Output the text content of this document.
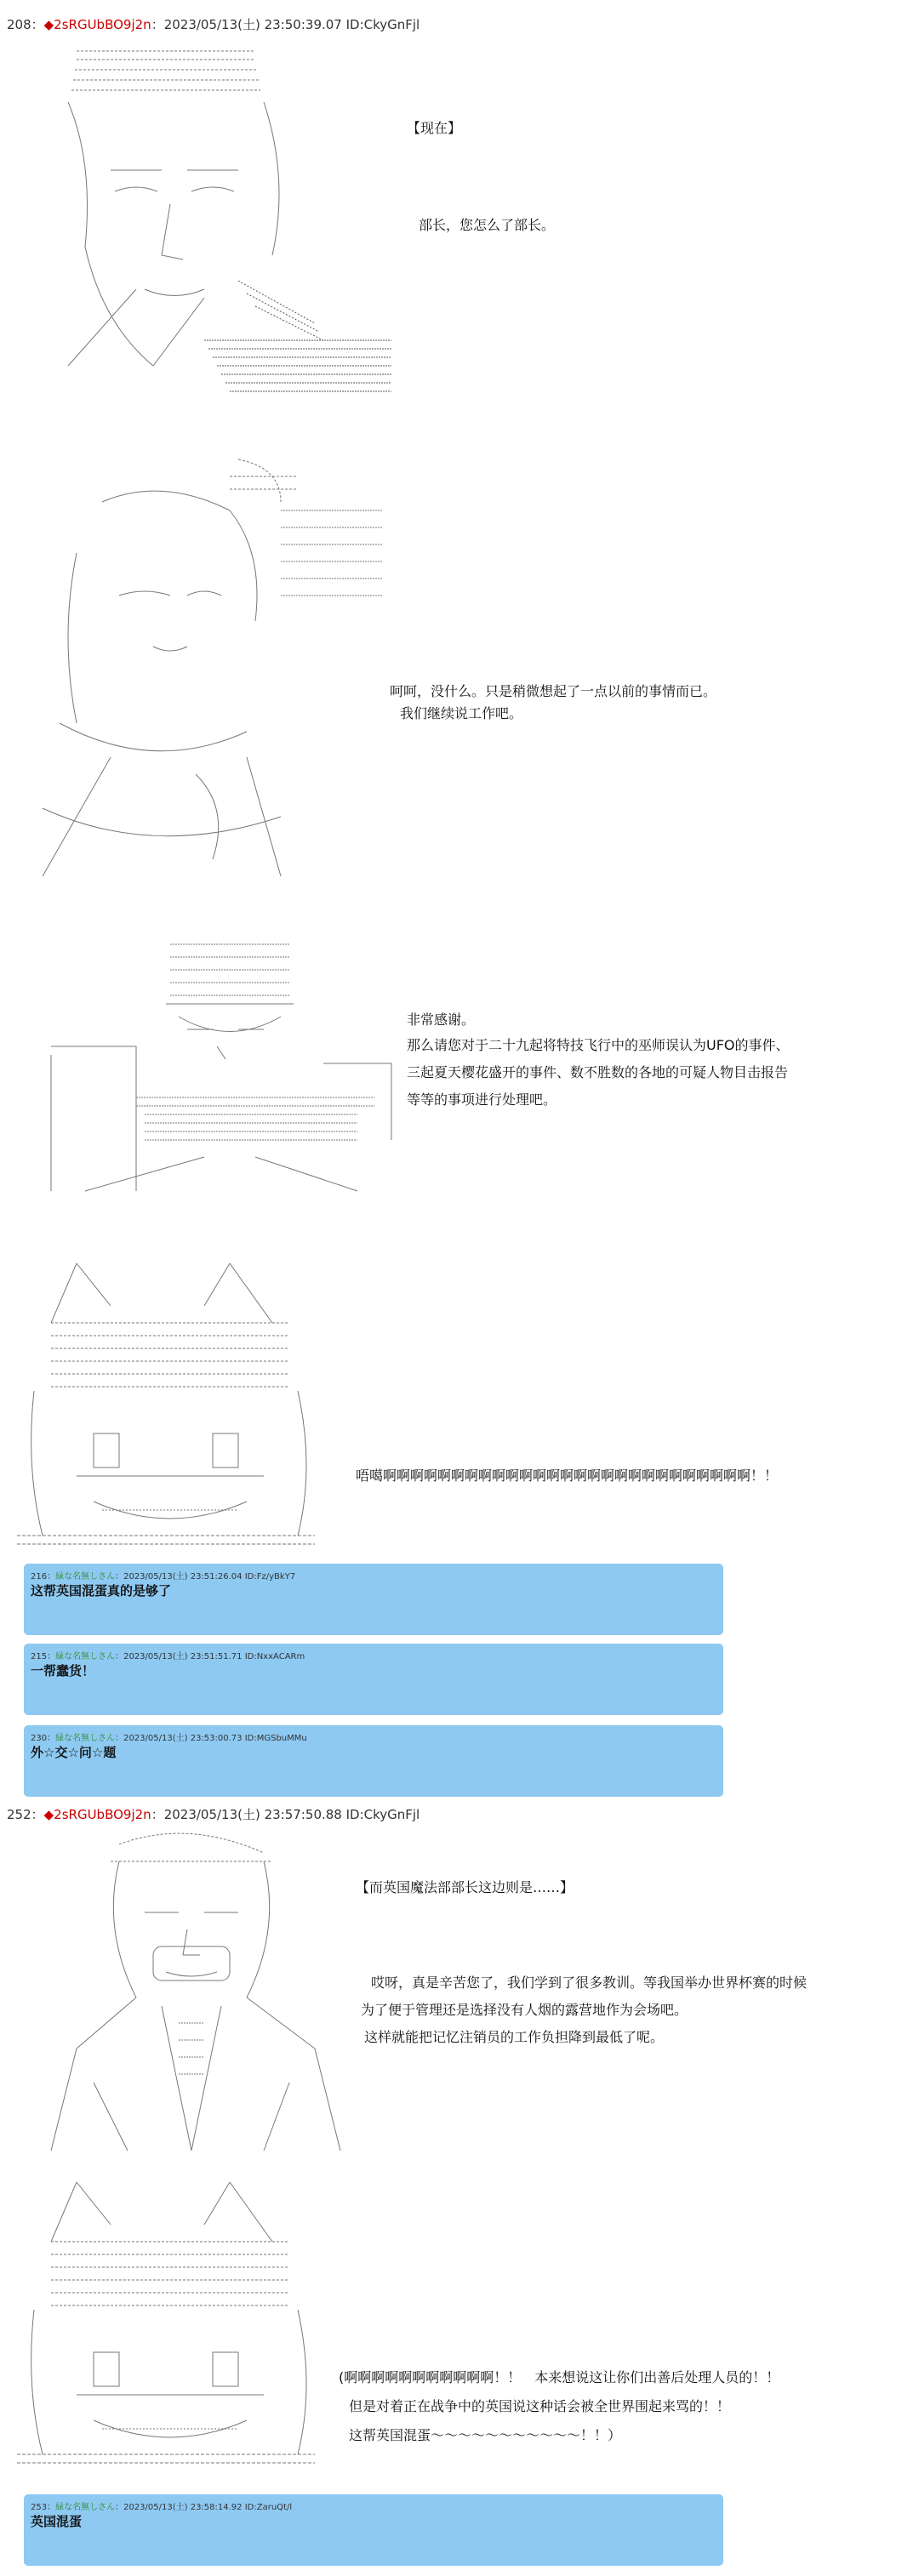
208：◆2sRGUbBO9j2n：2023/05/13(土) 23:50:39.07 ID:CkyGnFjl
【现在】
部长，您怎么了部长。
呵呵，没什么。只是稍微想起了一点以前的事情而已。
我们继续说工作吧。
非常感谢。
那么请您对于二十九起将特技飞行中的巫师误认为UFO的事件、
三起夏天樱花盛开的事件、数不胜数的各地的可疑人物目击报告
等等的事项进行处理吧。
唔噶啊啊啊啊啊啊啊啊啊啊啊啊啊啊啊啊啊啊啊啊啊啊啊啊啊啊啊！！
216：緑な名無しさん：2023/05/13(土) 23:51:26.04 ID:Fz/yBkY7
这帮英国混蛋真的是够了
215：緑な名無しさん：2023/05/13(土) 23:51:51.71 ID:NxxACARm
一帮蠢货！
230：緑な名無しさん：2023/05/13(土) 23:53:00.73 ID:MGSbuMMu
外☆交☆问☆题
252：◆2sRGUbBO9j2n：2023/05/13(土) 23:57:50.88 ID:CkyGnFjl
【而英国魔法部部长这边则是……】
哎呀，真是辛苦您了，我们学到了很多教训。等我国举办世界杯赛的时候
为了便于管理还是选择没有人烟的露营地作为会场吧。
这样就能把记忆注销员的工作负担降到最低了呢。
(啊啊啊啊啊啊啊啊啊啊啊！！　本来想说这让你们出善后处理人员的！！
但是对着正在战争中的英国说这种话会被全世界围起来骂的！！
这帮英国混蛋～～～～～～～～～～～！！）
253：緑な名無しさん：2023/05/13(土) 23:58:14.92 ID:ZaruQt/l
英国混蛋
